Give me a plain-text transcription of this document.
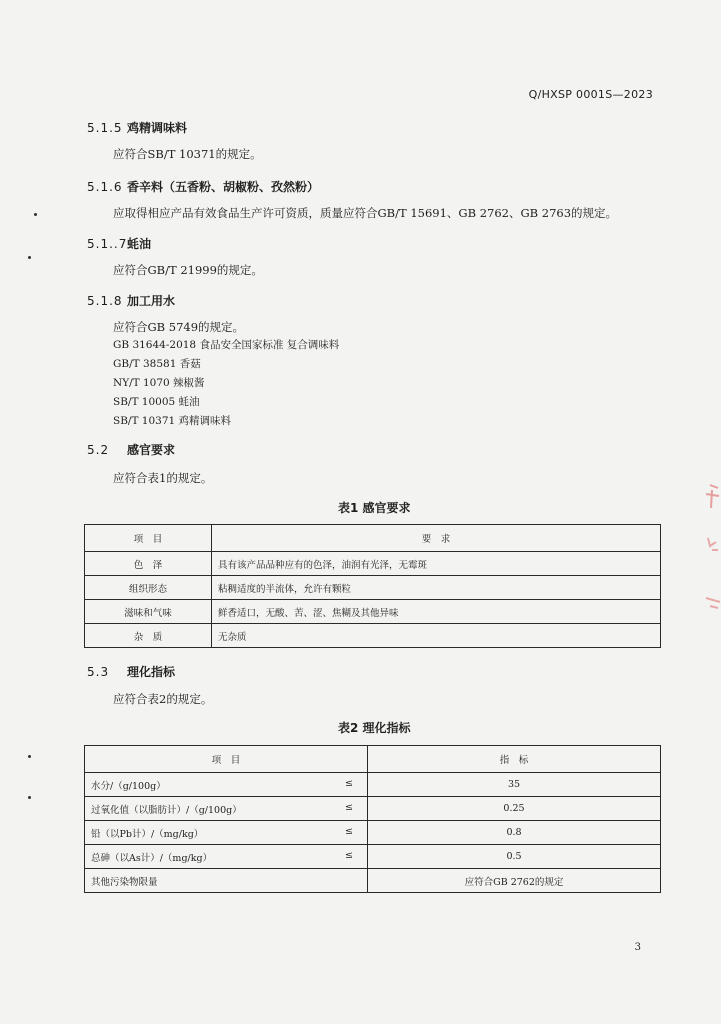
Q/HXSP 0001S—2023
5.1.5 鸡精调味料
应符合SB/T 10371的规定。
5.1.6 香辛料（五香粉、胡椒粉、孜然粉）
应取得相应产品有效食品生产许可资质，质量应符合GB/T 15691、GB 2762、GB 2763的规定。
5.1..7蚝油
应符合GB/T 21999的规定。
5.1.8 加工用水
应符合GB 5749的规定。
GB 31644-2018 食品安全国家标准 复合调味料
GB/T 38581 香菇
NY/T 1070 辣椒酱
SB/T 10005 蚝油
SB/T 10371 鸡精调味料
5.2 感官要求
应符合表1的规定。
表1 感官要求
项　目	要　求
色　泽	具有该产品品种应有的色泽，油润有光泽，无霉斑
组织形态	粘稠适度的半流体，允许有颗粒
滋味和气味	鲜香适口，无酸、苦、涩、焦糊及其他异味
杂　质	无杂质
5.3 理化指标
应符合表2的规定。
表2 理化指标
项　目	指　标
水分/（g/100g） ≤	35
过氧化值（以脂肪计）/（g/100g） ≤	0.25
铅（以Pb计）/（mg/kg） ≤	0.8
总砷（以As计）/（mg/kg） ≤	0.5
其他污染物限量	应符合GB 2762的规定
3
